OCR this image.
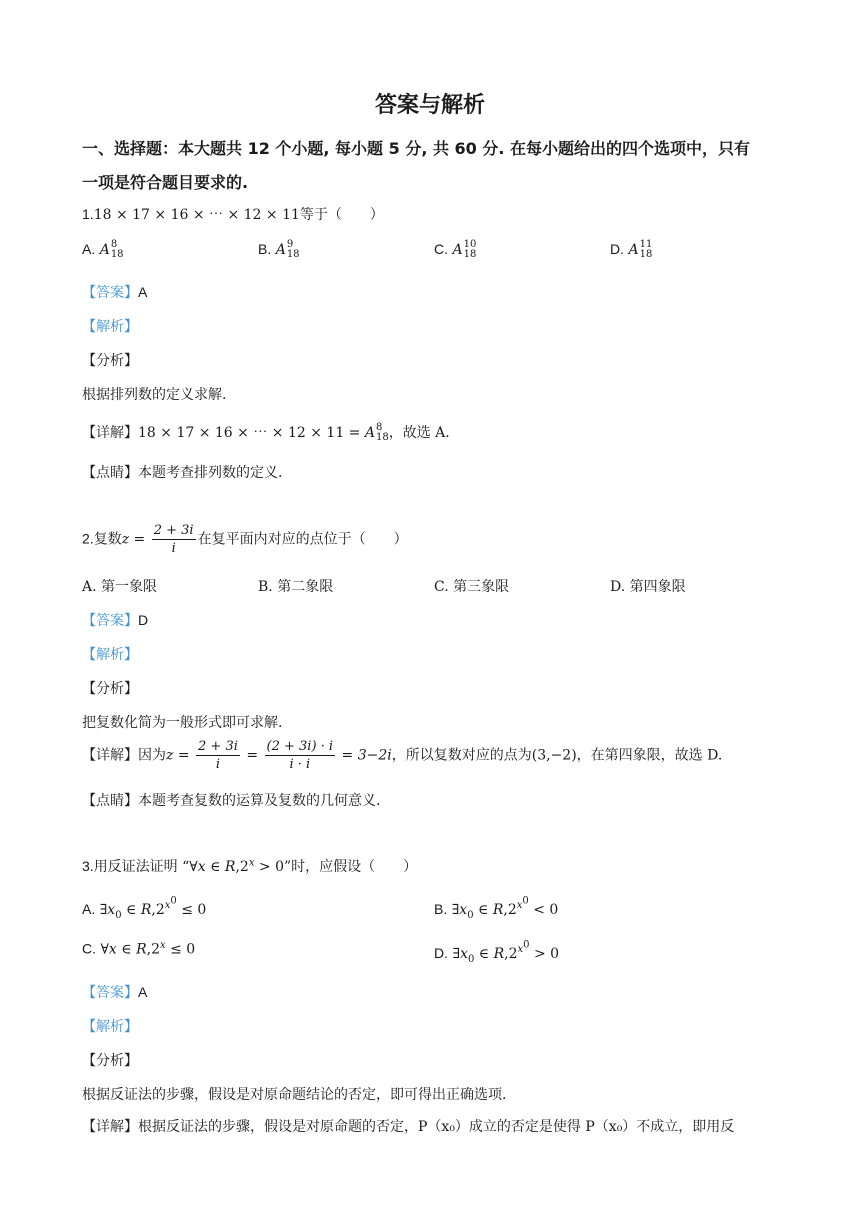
答案与解析
一、选择题：本大题共 12 个小题, 每小题 5 分, 共 60 分. 在每小题给出的四个选项中，只有
一项是符合题目要求的.
1.18 × 17 × 16 × ⋯ × 12 × 11等于（　　）
A. A 8
18	B. A 9
18	C. A 10
18	D. A 11
18
【答案】A
【解析】
【分析】
根据排列数的定义求解.
【详解】18 × 17 × 16 × ⋯ × 12 × 11 = A 8
18 ，故选 A.
【点睛】本题考查排列数的定义.
2.复数$z = \frac{2 + 3i}{i}$ 在复平面内对应的点位于（　　）
A. 第一象限	B. 第二象限	C. 第三象限	D. 第四象限
【答案】D
【解析】
【分析】
把复数化简为一般形式即可求解.
【详解】因为$z = \frac{2 + 3i}{i} = \frac{(2 + 3i) \cdot i}{i \cdot i} = 3-2i$，所以复数对应的点为(3,−2)，在第四象限，故选 D.
【点睛】本题考查复数的运算及复数的几何意义.
3.用反证法证明 “∀x ∈ $R,2^x > 0$”时，应假设（　　）
A. $\exists x_0$ ∈ $R,2^{x^0} \le 0$	B. $\exists x_0$ ∈ $R,2^{x^0} < 0$
C. ∀x ∈ $R,2^x \le 0$	D. $\exists x_0$ ∈ $R,2^{x^0} > 0$
【答案】A
【解析】
【分析】
根据反证法的步骤，假设是对原命题结论的否定，即可得出正确选项.
【详解】根据反证法的步骤，假设是对原命题的否定，P（x₀）成立的否定是使得 P（x₀）不成立，即用反
